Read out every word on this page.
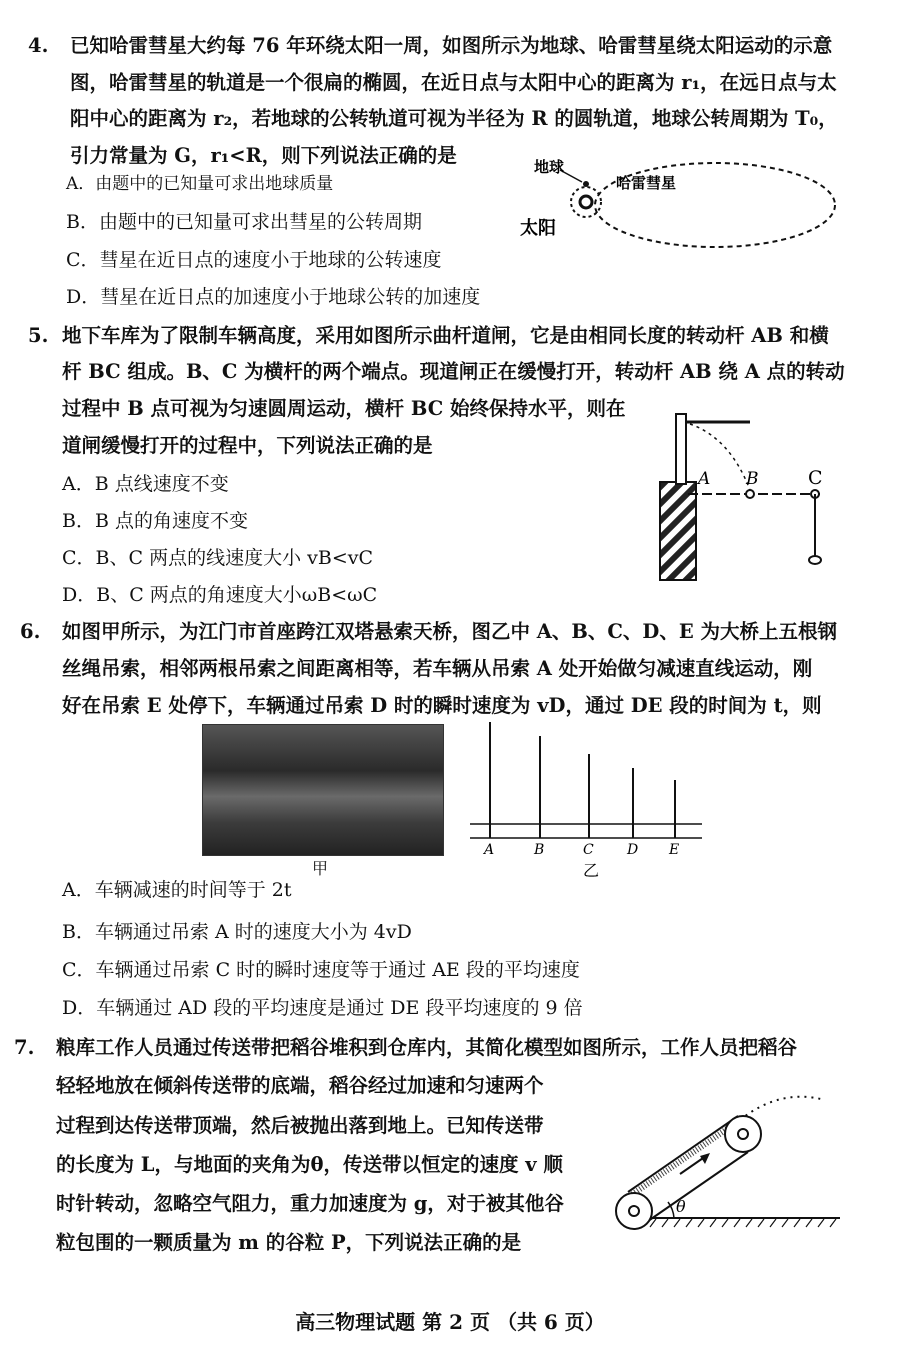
4. 已知哈雷彗星大约每 76 年环绕太阳一周，如图所示为地球、哈雷彗星绕太阳运动的示意
图，哈雷彗星的轨道是一个很扁的椭圆，在近日点与太阳中心的距离为 r₁，在远日点与太
阳中心的距离为 r₂，若地球的公转轨道可视为半径为 R 的圆轨道，地球公转周期为 T₀，
引力常量为 G，r₁<R，则下列说法正确的是
A．由题中的已知量可求出地球质量
B．由题中的已知量可求出彗星的公转周期
C．彗星在近日点的速度小于地球的公转速度
D．彗星在近日点的加速度小于地球公转的加速度
地球
哈雷彗星
太阳
5. 地下车库为了限制车辆高度，采用如图所示曲杆道闸，它是由相同长度的转动杆 AB 和横
杆 BC 组成。B、C 为横杆的两个端点。现道闸正在缓慢打开，转动杆 AB 绕 A 点的转动
过程中 B 点可视为匀速圆周运动，横杆 BC 始终保持水平，则在
道闸缓慢打开的过程中，下列说法正确的是
A．B 点线速度不变
B．B 点的角速度不变
C．B、C 两点的线速度大小 vB<vC
D．B、C 两点的角速度大小ωB<ωC
A B	C
6. 如图甲所示，为江门市首座跨江双塔悬索天桥，图乙中 A、B、C、D、E 为大桥上五根钢
丝绳吊索，相邻两根吊索之间距离相等，若车辆从吊索 A 处开始做匀减速直线运动，刚
好在吊索 E 处停下，车辆通过吊索 D 时的瞬时速度为 vD，通过 DE 段的时间为 t，则
甲
A	B	C D E
乙
A．车辆减速的时间等于 2t
B．车辆通过吊索 A 时的速度大小为 4vD
C．车辆通过吊索 C 时的瞬时速度等于通过 AE 段的平均速度
D．车辆通过 AD 段的平均速度是通过 DE 段平均速度的 9 倍
7. 粮库工作人员通过传送带把稻谷堆积到仓库内，其简化模型如图所示，工作人员把稻谷
轻轻地放在倾斜传送带的底端，稻谷经过加速和匀速两个
过程到达传送带顶端，然后被抛出落到地上。已知传送带
的长度为 L，与地面的夹角为θ，传送带以恒定的速度 v 顺
时针转动，忽略空气阻力，重力加速度为 g，对于被其他谷
粒包围的一颗质量为 m 的谷粒 P，下列说法正确的是
θ
高三物理试题 第 2 页 （共 6 页）
